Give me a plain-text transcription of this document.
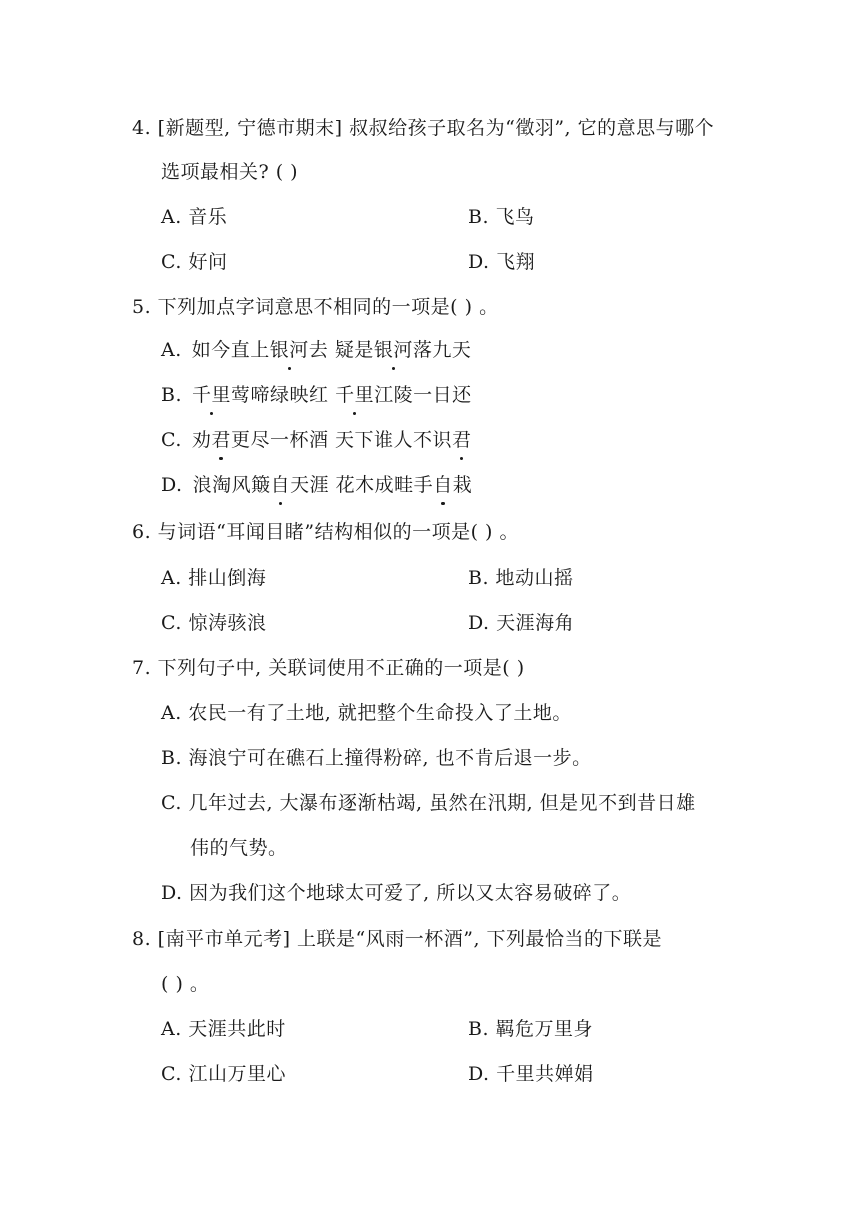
4. [新题型, 宁德市期末] 叔叔给孩子取名为“徵羽”, 它的意思与哪个
选项最相关? ( )
A. 音乐	B. 飞鸟
C. 好问	D. 飞翔
5. 下列加点字词意思不相同的一项是( ) 。
A. 如今直上银河去 疑是银河落九天
B. 千里莺啼绿映红 千里江陵一日还
C. 劝君更尽一杯酒 天下谁人不识君
D. 浪淘风簸自天涯 花木成畦手自栽
6. 与词语“耳闻目睹”结构相似的一项是( ) 。
A. 排山倒海	B. 地动山摇
C. 惊涛骇浪	D. 天涯海角
7. 下列句子中, 关联词使用不正确的一项是( )
A. 农民一有了土地, 就把整个生命投入了土地。
B. 海浪宁可在礁石上撞得粉碎, 也不肯后退一步。
C. 几年过去, 大瀑布逐渐枯竭, 虽然在汛期, 但是见不到昔日雄
伟的气势。
D. 因为我们这个地球太可爱了, 所以又太容易破碎了。
8. [南平市单元考] 上联是“风雨一杯酒”, 下列最恰当的下联是
( ) 。
A. 天涯共此时	B. 羁危万里身
C. 江山万里心	D. 千里共婵娟
